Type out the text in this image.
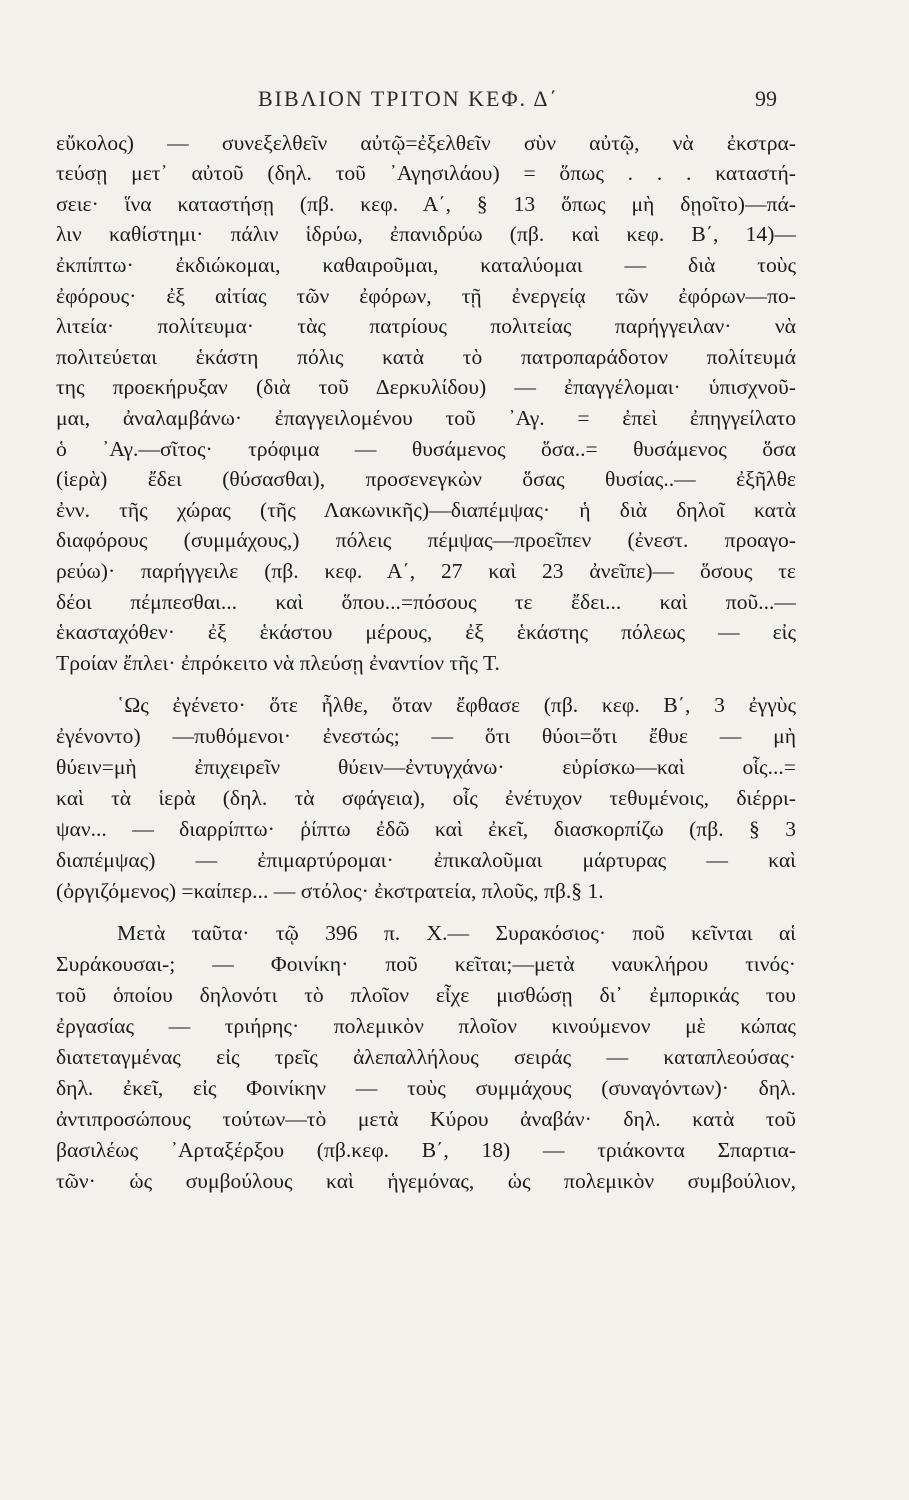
ΒΙΒΛΙΟΝ ΤΡΙΤΟΝ ΚΕΦ. Δ΄	99
εὔκολος) — συνεξελθεῖν αὐτῷ=ἐξελθεῖν σὺν αὐτῷ, νὰ ἐκστρα-
τεύσῃ μετ᾽ αὐτοῦ (δηλ. τοῦ ᾿Αγησιλάου) = ὅπως . . . καταστή-
σειε· ἵνα καταστήσῃ (πβ. κεφ. Α΄, § 13 ὅπως μὴ δῃοῖτο)—πά-
λιν καθίστημι· πάλιν ἱδρύω, ἐπανιδρύω (πβ. καὶ κεφ. Β΄, 14)—
ἐκπίπτω· ἐκδιώκομαι, καθαιροῦμαι, καταλύομαι — διὰ τοὺς
ἐφόρους· ἐξ αἰτίας τῶν ἐφόρων, τῇ ἐνεργείᾳ τῶν ἐφόρων—πο-
λιτεία· πολίτευμα· τὰς πατρίους πολιτείας παρήγγειλαν· νὰ
πολιτεύεται ἑκάστη πόλις κατὰ τὸ πατροπαράδοτον πολίτευμά
της προεκήρυξαν (διὰ τοῦ Δερκυλίδου) — ἐπαγγέλομαι· ὑπισχνοῦ-
μαι, ἀναλαμβάνω· ἐπαγγειλομένου τοῦ ᾿Αγ. = ἐπεὶ ἐπηγγείλατο
ὁ ᾿Αγ.—σῖτος· τρόφιμα — θυσάμενος ὅσα..= θυσάμενος ὅσα
(ἱερὰ) ἔδει (θύσασθαι), προσενεγκὼν ὅσας θυσίας..— ἐξῆλθε
ἐνν. τῆς χώρας (τῆς Λακωνικῆς)—διαπέμψας· ἡ διὰ δηλοῖ κατὰ
διαφόρους (συμμάχους,) πόλεις πέμψας—προεῖπεν (ἐνεστ. προαγο-
ρεύω)· παρήγγειλε (πβ. κεφ. Α΄, 27 καὶ 23 ἀνεῖπε)— ὅσους τε
δέοι πέμπεσθαι... καὶ ὅπου...=πόσους τε ἔδει... καὶ ποῦ...—
ἑκασταχόθεν· ἐξ ἑκάστου μέρους, ἐξ ἑκάστης πόλεως — εἰς
Τροίαν ἔπλει· ἐπρόκειτο νὰ πλεύσῃ ἐναντίον τῆς Τ.
῾Ως ἐγένετο· ὅτε ἦλθε, ὅταν ἔφθασε (πβ. κεφ. Β΄, 3 ἐγγὺς
ἐγένοντο) —πυθόμενοι· ἐνεστώς; — ὅτι θύοι=ὅτι ἔθυε — μὴ
θύειν=μὴ ἐπιχειρεῖν θύειν—ἐντυγχάνω· εὑρίσκω—καὶ οἷς...=
καὶ τὰ ἱερὰ (δηλ. τὰ σφάγεια), οἷς ἐνέτυχον τεθυμένοις, διέρρι-
ψαν... — διαρρίπτω· ῥίπτω ἐδῶ καὶ ἐκεῖ, διασκορπίζω (πβ. § 3
διαπέμψας) — ἐπιμαρτύρομαι· ἐπικαλοῦμαι μάρτυρας — καὶ
(ὀργιζόμενος) =καίπερ... — στόλος· ἐκστρατεία, πλοῦς, πβ.§ 1.
Μετὰ ταῦτα· τῷ 396 π. Χ.— Συρακόσιος· ποῦ κεῖνται αἱ
Συράκουσαι-; — Φοινίκη· ποῦ κεῖται;—μετὰ ναυκλήρου τινός·
τοῦ ὁποίου δηλονότι τὸ πλοῖον εἶχε μισθώσῃ δι᾽ ἐμπορικάς του
ἐργασίας — τριήρης· πολεμικὸν πλοῖον κινούμενον μὲ κώπας
διατεταγμένας εἰς τρεῖς ἀλεπαλλήλους σειράς — καταπλεούσας·
δηλ. ἐκεῖ, εἰς Φοινίκην — τοὺς συμμάχους (συναγόντων)· δηλ.
ἀντιπροσώπους τούτων—τὸ μετὰ Κύρου ἀναβάν· δηλ. κατὰ τοῦ
βασιλέως ᾿Αρταξέρξου (πβ.κεφ. Β΄, 18) — τριάκοντα Σπαρτια-
τῶν· ὡς συμβούλους καὶ ἡγεμόνας, ὡς πολεμικὸν συμβούλιον,
